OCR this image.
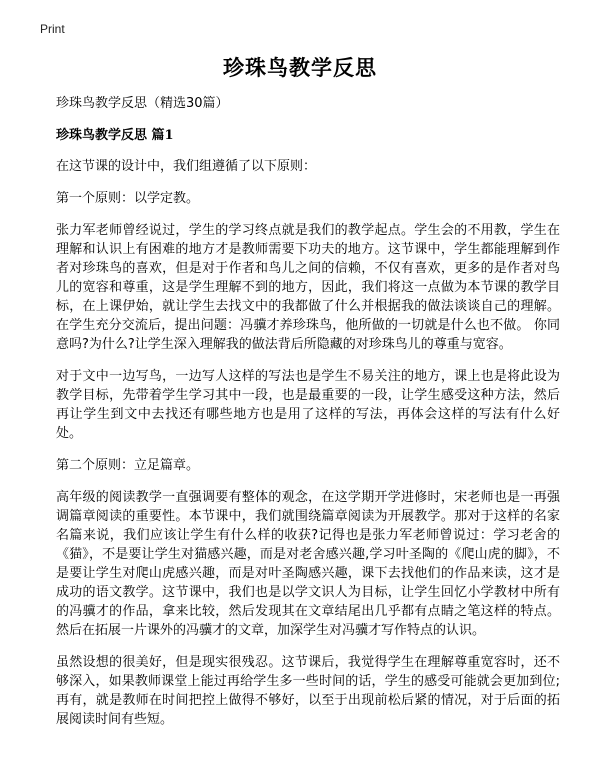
Print
珍珠鸟教学反思

珍珠鸟教学反思（精选30篇）

珍珠鸟教学反思 篇1

在这节课的设计中，我们组遵循了以下原则：

第一个原则：以学定教。

张力军老师曾经说过，学生的学习终点就是我们的教学起点。学生会的不用教，学生在理解和认识上有困难的地方才是教师需要下功夫的地方。这节课中，学生都能理解到作者对珍珠鸟的喜欢，但是对于作者和鸟儿之间的信赖，不仅有喜欢，更多的是作者对鸟儿的宽容和尊重，这是学生理解不到的地方，因此，我们将这一点做为本节课的教学目标，在上课伊始，就让学生去找文中的我都做了什么并根据我的做法谈谈自己的理解。在学生充分交流后，提出问题：冯骥才养珍珠鸟，他所做的一切就是什么也不做。 你同意吗?为什么?让学生深入理解我的做法背后所隐藏的对珍珠鸟儿的尊重与宽容。

对于文中一边写鸟，一边写人这样的写法也是学生不易关注的地方，课上也是将此设为教学目标，先带着学生学习其中一段，也是最重要的一段，让学生感受这种方法，然后再让学生到文中去找还有哪些地方也是用了这样的写法，再体会这样的写法有什么好处。

第二个原则：立足篇章。

高年级的阅读教学一直强调要有整体的观念，在这学期开学进修时，宋老师也是一再强调篇章阅读的重要性。本节课中，我们就围绕篇章阅读为开展教学。那对于这样的名家名篇来说，我们应该让学生有什么样的收获?记得也是张力军老师曾说过：学习老舍的《猫》，不是要让学生对猫感兴趣，而是对老舍感兴趣,学习叶圣陶的《爬山虎的脚》，不是要让学生对爬山虎感兴趣，而是对叶圣陶感兴趣，课下去找他们的作品来读，这才是成功的语文教学。这节课中，我们也是以学文识人为目标，让学生回忆小学教材中所有的冯骥才的作品，拿来比较，然后发现其在文章结尾出几乎都有点睛之笔这样的特点。然后在拓展一片课外的冯骥才的文章，加深学生对冯骥才写作特点的认识。

虽然设想的很美好，但是现实很残忍。这节课后，我觉得学生在理解尊重宽容时，还不够深入，如果教师课堂上能过再给学生多一些时间的话，学生的感受可能就会更加到位;再有，就是教师在时间把控上做得不够好，以至于出现前松后紧的情况，对于后面的拓展阅读时间有些短。
